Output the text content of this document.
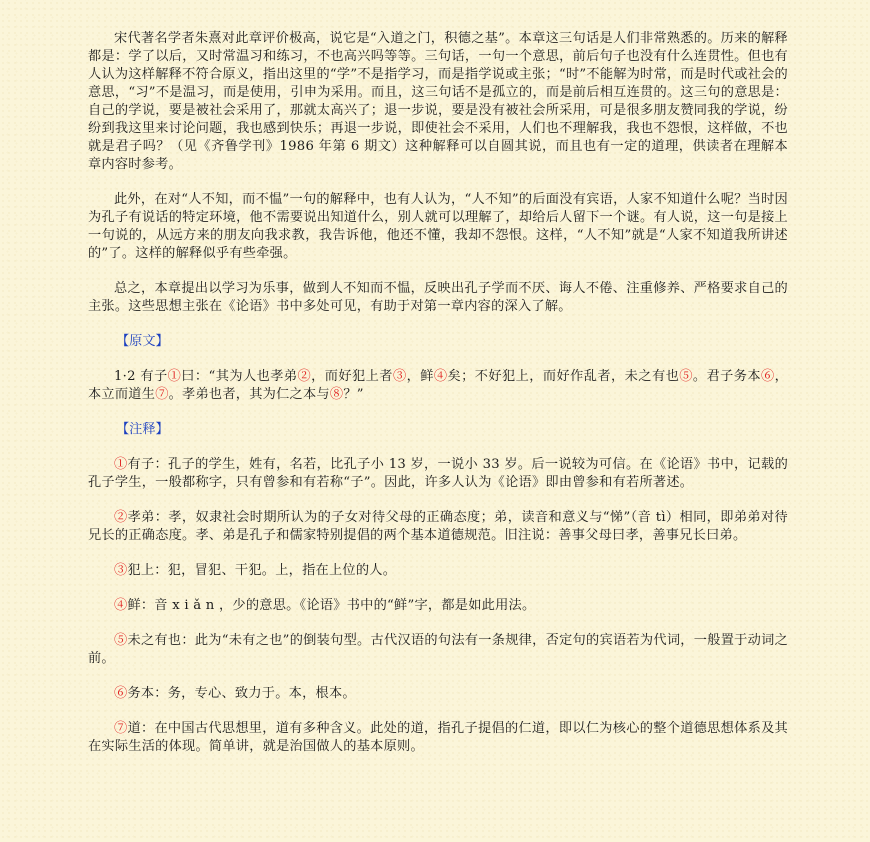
宋代著名学者朱熹对此章评价极高，说它是“入道之门，积德之基”。本章这三句话是人们非常熟悉的。历来的解释都是：学了以后，又时常温习和练习，不也高兴吗等等。三句话，一句一个意思，前后句子也没有什么连贯性。但也有人认为这样解释不符合原义，指出这里的“学”不是指学习，而是指学说或主张；“时”不能解为时常，而是时代或社会的意思，“习”不是温习，而是使用，引申为采用。而且，这三句话不是孤立的，而是前后相互连贯的。这三句的意思是：自己的学说，要是被社会采用了，那就太高兴了；退一步说，要是没有被社会所采用，可是很多朋友赞同我的学说，纷纷到我这里来讨论问题，我也感到快乐；再退一步说，即使社会不采用，人们也不理解我，我也不怨恨，这样做，不也就是君子吗？（见《齐鲁学刊》1986 年第 6 期文）这种解释可以自圆其说，而且也有一定的道理，供读者在理解本章内容时参考。

此外，在对“人不知，而不愠”一句的解释中，也有人认为，“人不知”的后面没有宾语，人家不知道什么呢？当时因为孔子有说话的特定环境，他不需要说出知道什么，别人就可以理解了，却给后人留下一个谜。有人说，这一句是接上一句说的，从远方来的朋友向我求教，我告诉他，他还不懂，我却不怨恨。这样，“人不知”就是“人家不知道我所讲述的”了。这样的解释似乎有些牵强。

总之，本章提出以学习为乐事，做到人不知而不愠，反映出孔子学而不厌、诲人不倦、注重修养、严格要求自己的主张。这些思想主张在《论语》书中多处可见，有助于对第一章内容的深入了解。

【原文】

1·2 有子①曰：“其为人也孝弟②，而好犯上者③，鲜④矣；不好犯上，而好作乱者，未之有也⑤。君子务本⑥，本立而道生⑦。孝弟也者，其为仁之本与⑧？”

【注释】

①有子：孔子的学生，姓有，名若，比孔子小 13 岁，一说小 33 岁。后一说较为可信。在《论语》书中，记载的孔子学生，一般都称字，只有曾参和有若称“子”。因此，许多人认为《论语》即由曾参和有若所著述。

②孝弟：孝，奴隶社会时期所认为的子女对待父母的正确态度；弟，读音和意义与“悌”（音 tì）相同，即弟弟对待兄长的正确态度。孝、弟是孔子和儒家特别提倡的两个基本道德规范。旧注说：善事父母曰孝，善事兄长曰弟。

③犯上：犯，冒犯、干犯。上，指在上位的人。

④鲜：音 x i ǎ n ，少的意思。《论语》书中的“鲜”字，都是如此用法。

⑤未之有也：此为“未有之也”的倒装句型。古代汉语的句法有一条规律，否定句的宾语若为代词，一般置于动词之前。

⑥务本：务，专心、致力于。本，根本。

⑦道：在中国古代思想里，道有多种含义。此处的道，指孔子提倡的仁道，即以仁为核心的整个道德思想体系及其在实际生活的体现。简单讲，就是治国做人的基本原则。
